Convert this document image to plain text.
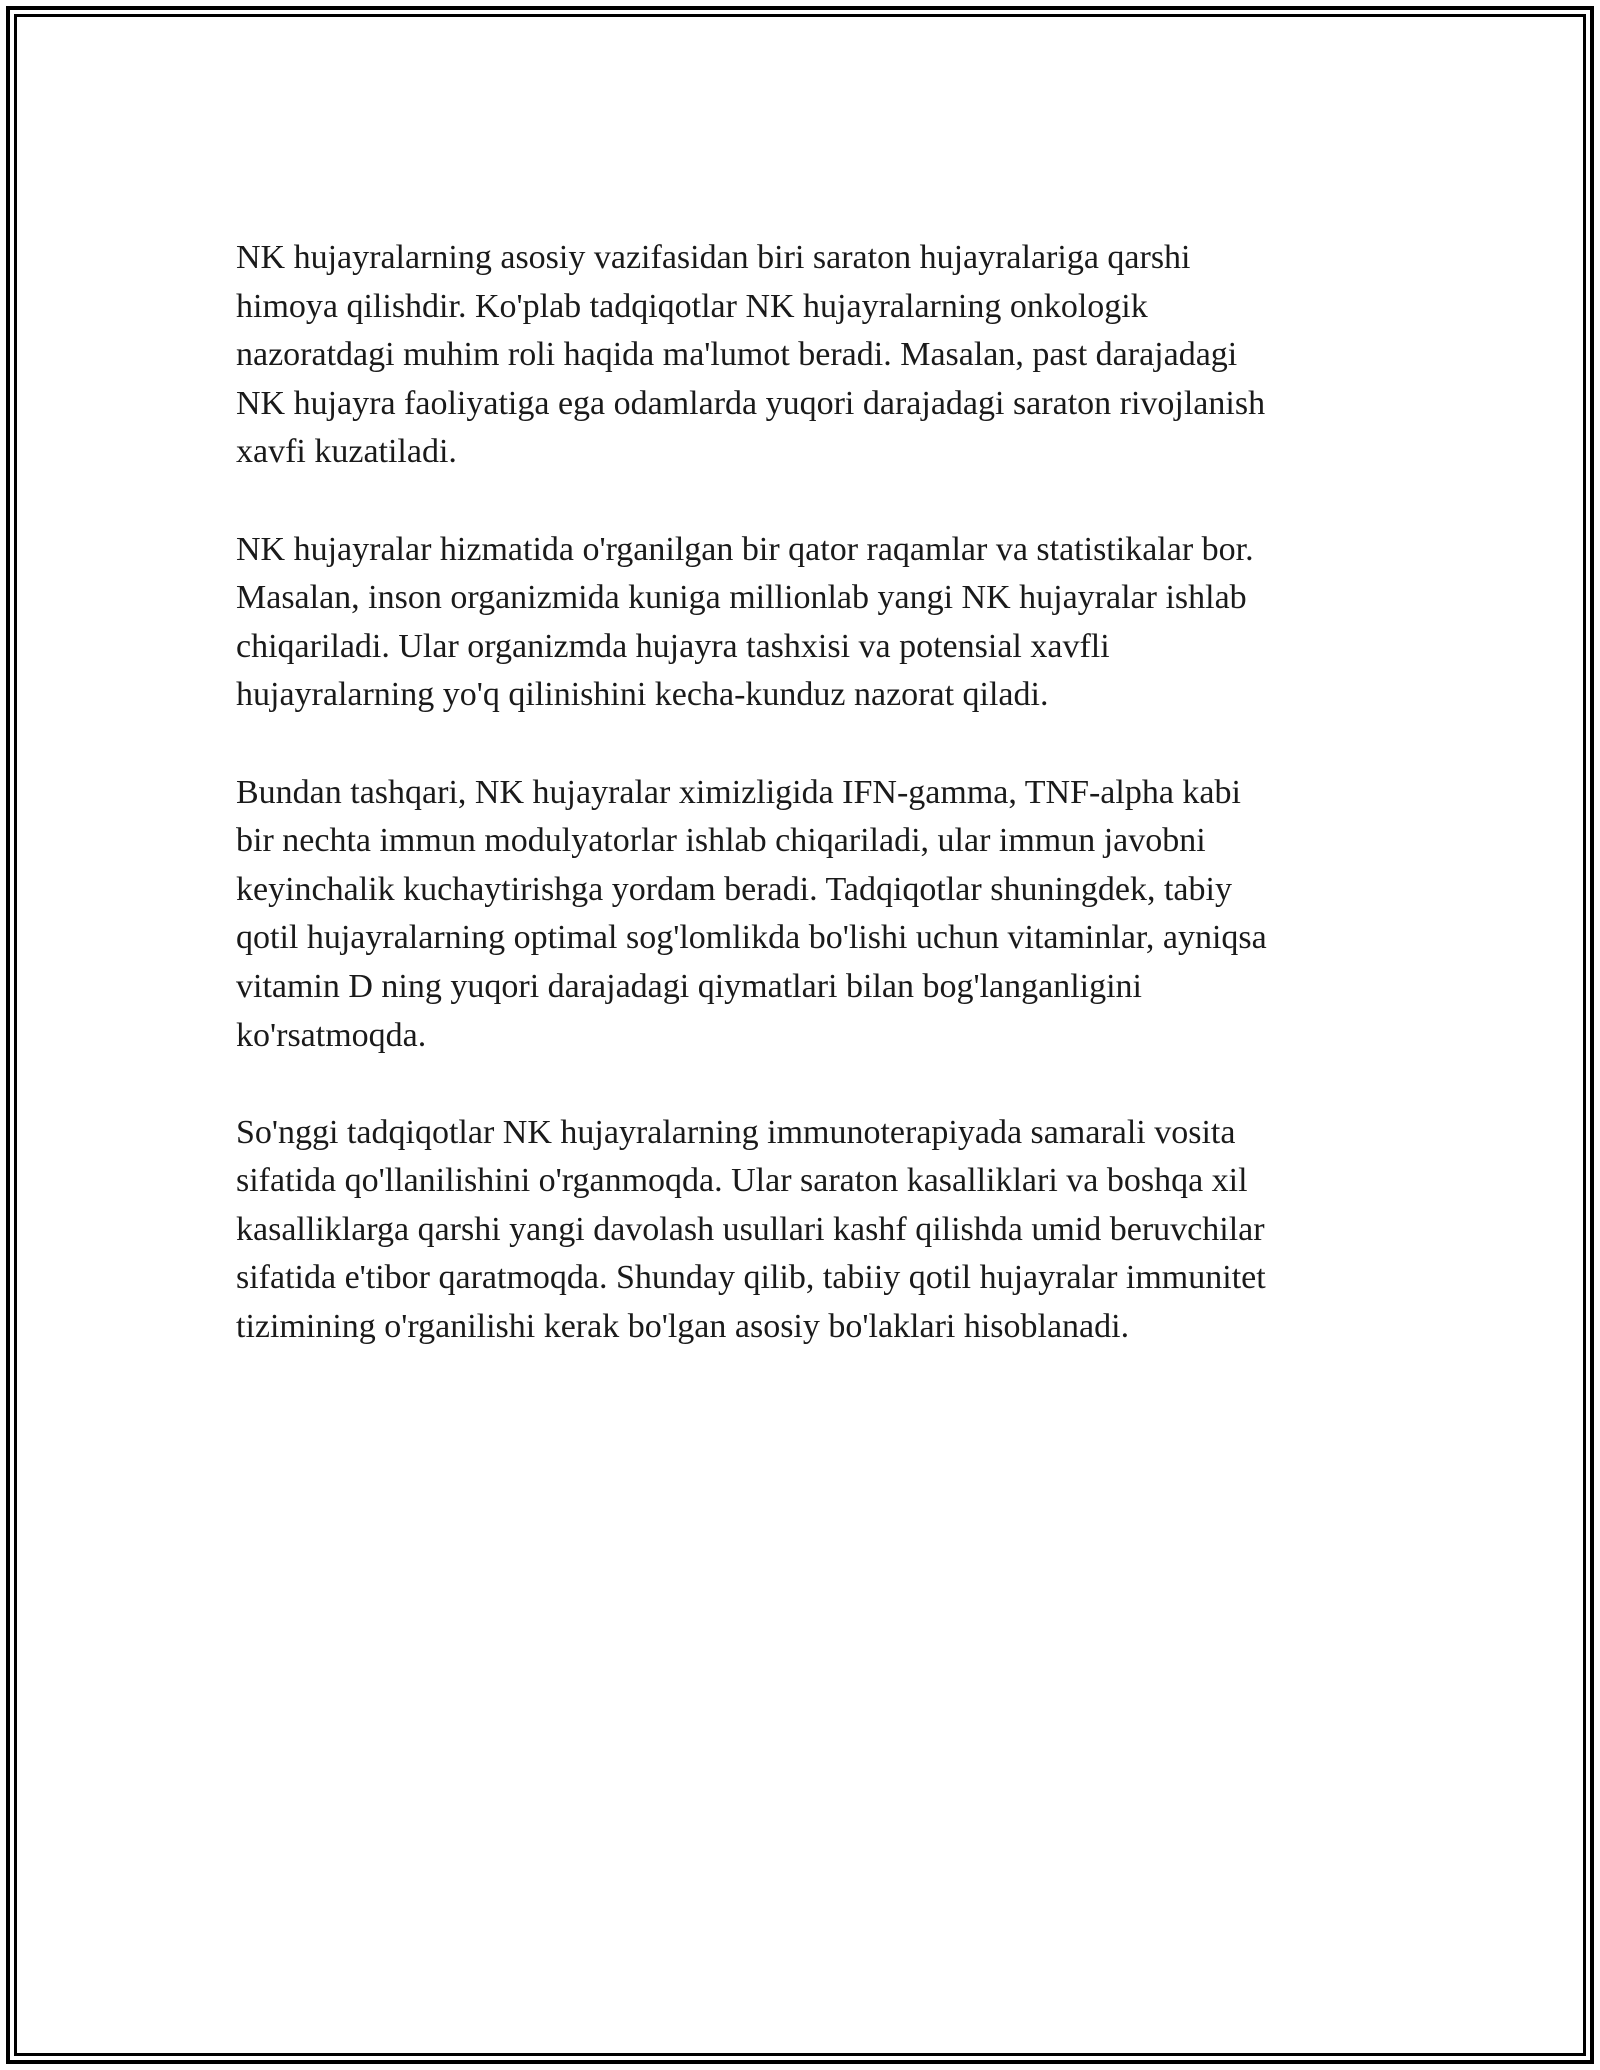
NK hujayralarning asosiy vazifasidan biri saraton hujayralariga qarshi
himoya qilishdir. Ko'plab tadqiqotlar NK hujayralarning onkologik
nazoratdagi muhim roli haqida ma'lumot beradi. Masalan, past darajadagi
NK hujayra faoliyatiga ega odamlarda yuqori darajadagi saraton rivojlanish
xavfi kuzatiladi.

NK hujayralar hizmatida o'rganilgan bir qator raqamlar va statistikalar bor.
Masalan, inson organizmida kuniga millionlab yangi NK hujayralar ishlab
chiqariladi. Ular organizmda hujayra tashxisi va potensial xavfli
hujayralarning yo'q qilinishini kecha-kunduz nazorat qiladi.

Bundan tashqari, NK hujayralar ximizligida IFN-gamma, TNF-alpha kabi
bir nechta immun modulyatorlar ishlab chiqariladi, ular immun javobni
keyinchalik kuchaytirishga yordam beradi. Tadqiqotlar shuningdek, tabiy
qotil hujayralarning optimal sog'lomlikda bo'lishi uchun vitaminlar, ayniqsa
vitamin D ning yuqori darajadagi qiymatlari bilan bog'langanligini
ko'rsatmoqda.

So'nggi tadqiqotlar NK hujayralarning immunoterapiyada samarali vosita
sifatida qo'llanilishini o'rganmoqda. Ular saraton kasalliklari va boshqa xil
kasalliklarga qarshi yangi davolash usullari kashf qilishda umid beruvchilar
sifatida e'tibor qaratmoqda. Shunday qilib, tabiiy qotil hujayralar immunitet
tizimining o'rganilishi kerak bo'lgan asosiy bo'laklari hisoblanadi.
